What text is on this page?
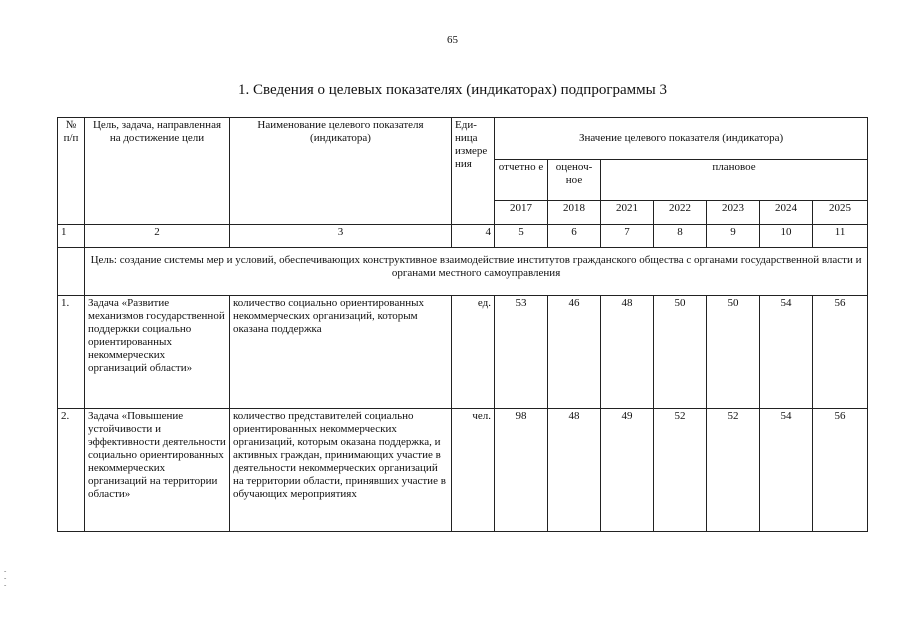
65
1. Сведения о целевых показателях (индикаторах) подпрограммы 3
№ п/п	Цель, задача, направленная на достижение цели	Наименование целевого показателя (индикатора)	Еди-ница измере ния	Значение целевого показателя (индикатора)						
				отчетно е	оценоч-ное	плановое				
				2017	2018	2021	2022	2023	2024	2025
1	2	3	4	5	6	7	8	9	10	11
	Цель: создание системы мер и условий, обеспечивающих конструктивное взаимодействие институтов гражданского общества с органами государственной власти и органами местного самоуправления									
1.	Задача «Развитие механизмов государственной поддержки социально ориентированных некоммерческих организаций области»	количество социально ориентированных некоммерческих организаций, которым оказана поддержка	ед.	53	46	48	50	50	54	56
2.	Задача «Повышение устойчивости и эффективности деятельности социально ориентированных некоммерческих организаций на территории области»	количество представителей социально ориентированных некоммерческих организаций, которым оказана поддержка, и активных граждан, принимающих участие в деятельности некоммерческих организаций на территории области, принявших участие в обучающих мероприятиях	чел.	98	48	49	52	52	54	56
-
-
-
